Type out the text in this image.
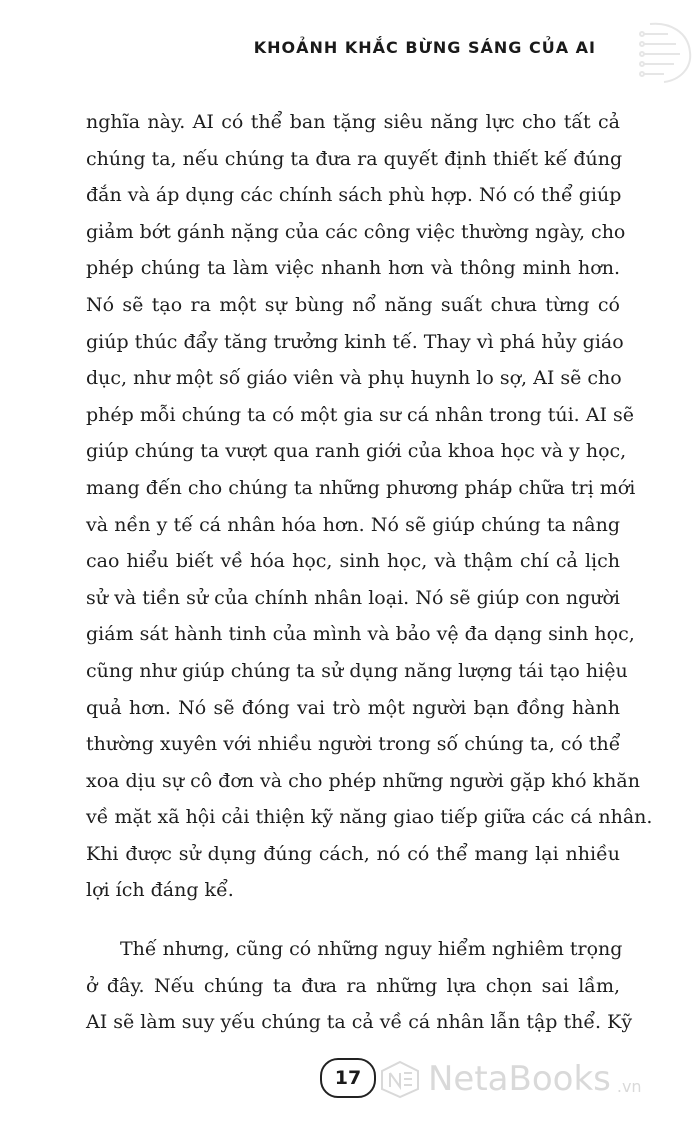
KHOẢNH KHẮC BỪNG SÁNG CỦA AI

nghĩa này. AI có thể ban tặng siêu năng lực cho tất cả
chúng ta, nếu chúng ta đưa ra quyết định thiết kế đúng
đắn và áp dụng các chính sách phù hợp. Nó có thể giúp
giảm bớt gánh nặng của các công việc thường ngày, cho
phép chúng ta làm việc nhanh hơn và thông minh hơn.
Nó sẽ tạo ra một sự bùng nổ năng suất chưa từng có
giúp thúc đẩy tăng trưởng kinh tế. Thay vì phá hủy giáo
dục, như một số giáo viên và phụ huynh lo sợ, AI sẽ cho
phép mỗi chúng ta có một gia sư cá nhân trong túi. AI sẽ
giúp chúng ta vượt qua ranh giới của khoa học và y học,
mang đến cho chúng ta những phương pháp chữa trị mới
và nền y tế cá nhân hóa hơn. Nó sẽ giúp chúng ta nâng
cao hiểu biết về hóa học, sinh học, và thậm chí cả lịch
sử và tiền sử của chính nhân loại. Nó sẽ giúp con người
giám sát hành tinh của mình và bảo vệ đa dạng sinh học,
cũng như giúp chúng ta sử dụng năng lượng tái tạo hiệu
quả hơn. Nó sẽ đóng vai trò một người bạn đồng hành
thường xuyên với nhiều người trong số chúng ta, có thể
xoa dịu sự cô đơn và cho phép những người gặp khó khăn
về mặt xã hội cải thiện kỹ năng giao tiếp giữa các cá nhân.
Khi được sử dụng đúng cách, nó có thể mang lại nhiều
lợi ích đáng kể.

Thế nhưng, cũng có những nguy hiểm nghiêm trọng
ở đây. Nếu chúng ta đưa ra những lựa chọn sai lầm,
AI sẽ làm suy yếu chúng ta cả về cá nhân lẫn tập thể. Kỹ

17 NetaBooks .vn
